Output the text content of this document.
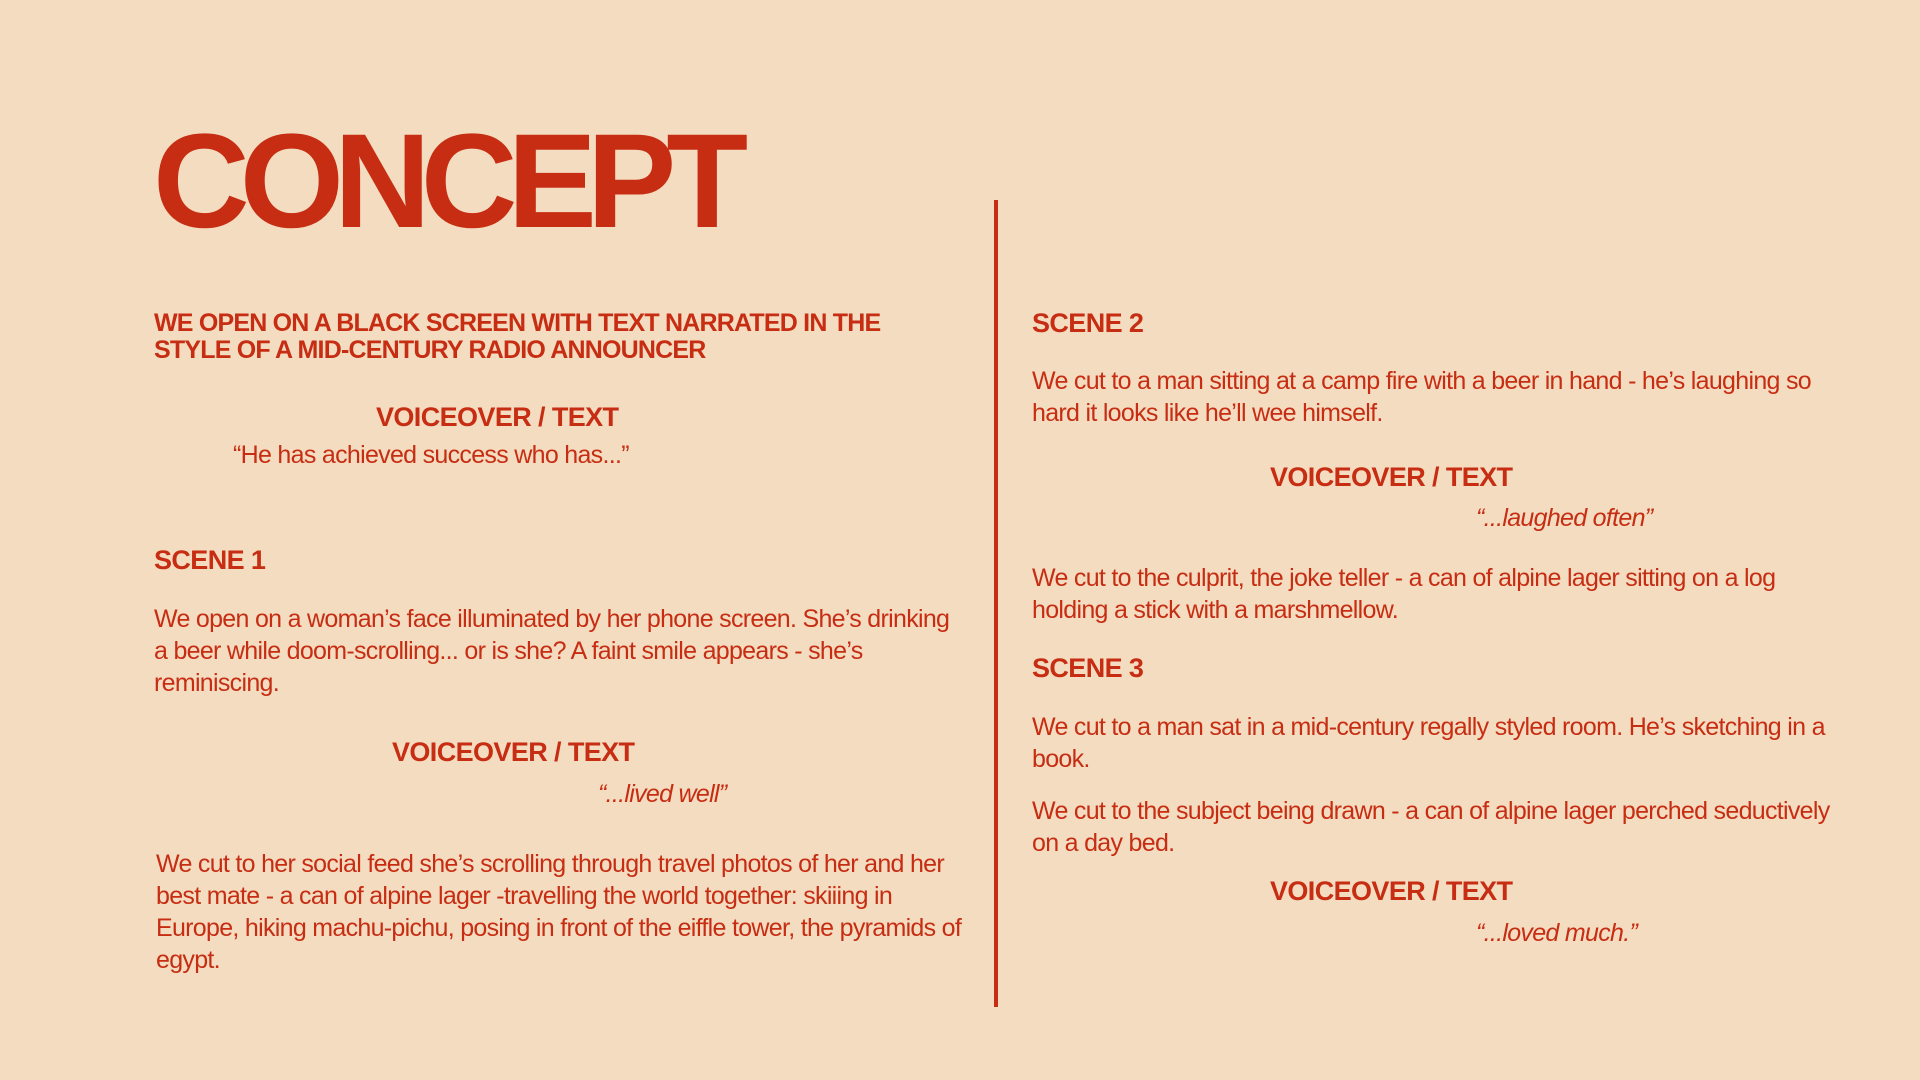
CONCEPT

WE OPEN ON A BLACK SCREEN WITH TEXT NARRATED IN THE STYLE OF A MID-CENTURY RADIO ANNOUNCER

VOICEOVER / TEXT
“He has achieved success who has...”
SCENE 1

We open on a woman’s face illuminated by her phone screen. She’s drinking a beer while doom-scrolling... or is she? A faint smile appears - she’s reminiscing.

VOICEOVER / TEXT
“...lived well”

We cut to her social feed she’s scrolling through travel photos of her and her best mate - a can of alpine lager -travelling the world together: skiiing in Europe, hiking machu-pichu, posing in front of the eiffle tower, the pyramids of egypt.

SCENE 2

We cut to a man sitting at a camp fire with a beer in hand - he’s laughing so hard it looks like he’ll wee himself.

VOICEOVER / TEXT
“...laughed often”

We cut to the culprit, the joke teller - a can of alpine lager sitting on a log holding a stick with a marshmellow.

SCENE 3

We cut to a man sat in a mid-century regally styled room. He’s sketching in a book.

We cut to the subject being drawn - a can of alpine lager perched seductively on a day bed.

VOICEOVER / TEXT
“...loved much.”
